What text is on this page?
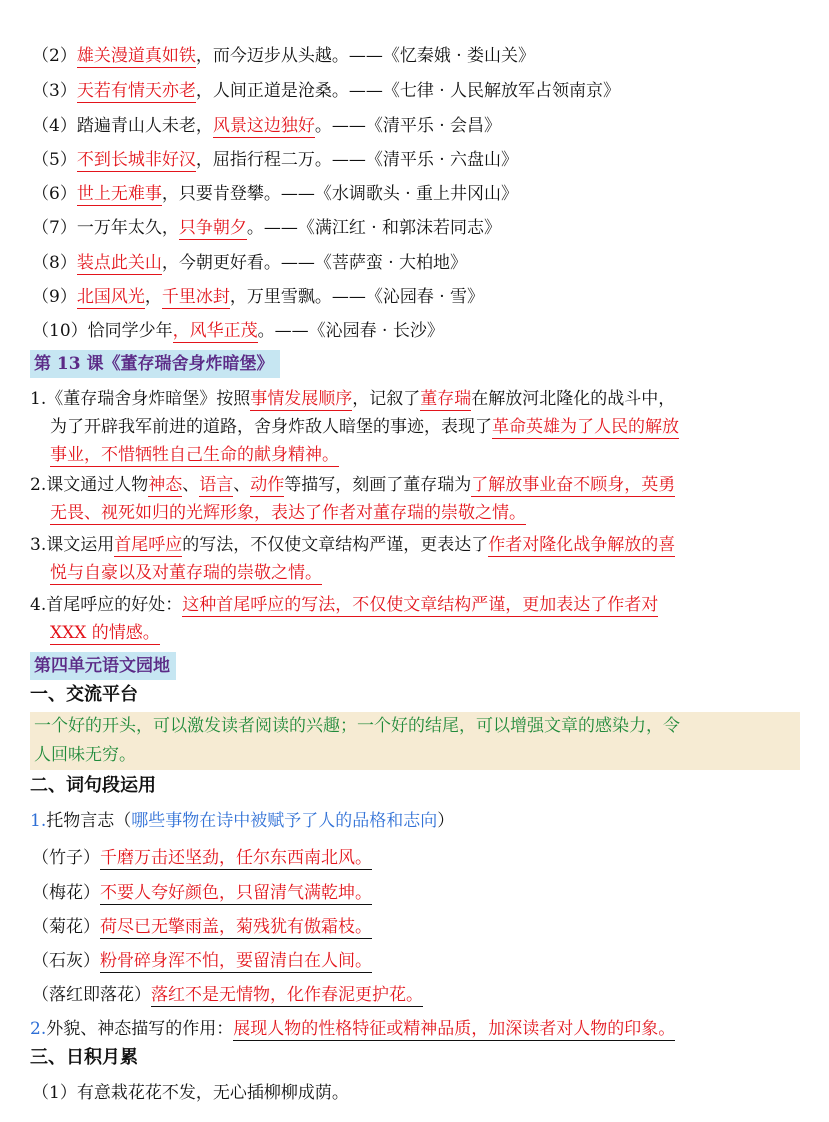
（2）雄关漫道真如铁，而今迈步从头越。——《忆秦娥 · 娄山关》
（3）天若有情天亦老，人间正道是沧桑。——《七律 · 人民解放军占领南京》
（4）踏遍青山人未老，风景这边独好。——《清平乐 · 会昌》
（5）不到长城非好汉，屈指行程二万。——《清平乐 · 六盘山》
（6）世上无难事，只要肯登攀。——《水调歌头 · 重上井冈山》
（7）一万年太久，只争朝夕。——《满江红 · 和郭沫若同志》
（8）装点此关山，今朝更好看。——《菩萨蛮 · 大柏地》
（9）北国风光，千里冰封，万里雪飘。——《沁园春 · 雪》
（10）恰同学少年，风华正茂。——《沁园春 · 长沙》
第 13 课《董存瑞舍身炸暗堡》
1.《董存瑞舍身炸暗堡》按照事情发展顺序，记叙了董存瑞在解放河北隆化的战斗中，
为了开辟我军前进的道路，舍身炸敌人暗堡的事迹，表现了革命英雄为了人民的解放
事业，不惜牺牲自己生命的献身精神。
2.课文通过人物神态、语言、动作等描写，刻画了董存瑞为了解放事业奋不顾身，英勇
无畏、视死如归的光辉形象，表达了作者对董存瑞的崇敬之情。
3.课文运用首尾呼应的写法，不仅使文章结构严谨，更表达了作者对隆化战争解放的喜
悦与自豪以及对董存瑞的崇敬之情。
4.首尾呼应的好处：这种首尾呼应的写法，不仅使文章结构严谨，更加表达了作者对
XXX 的情感。
第四单元语文园地
一、交流平台
一个好的开头，可以激发读者阅读的兴趣；一个好的结尾，可以增强文章的感染力，令
人回味无穷。
二、词句段运用
1.托物言志（哪些事物在诗中被赋予了人的品格和志向）
（竹子）千磨万击还坚劲，任尔东西南北风。
（梅花）不要人夸好颜色，只留清气满乾坤。
（菊花）荷尽已无擎雨盖，菊残犹有傲霜枝。
（石灰）粉骨碎身浑不怕，要留清白在人间。
（落红即落花）落红不是无情物，化作春泥更护花。
2.外貌、神态描写的作用：展现人物的性格特征或精神品质，加深读者对人物的印象。
三、日积月累
（1）有意栽花花不发，无心插柳柳成荫。
